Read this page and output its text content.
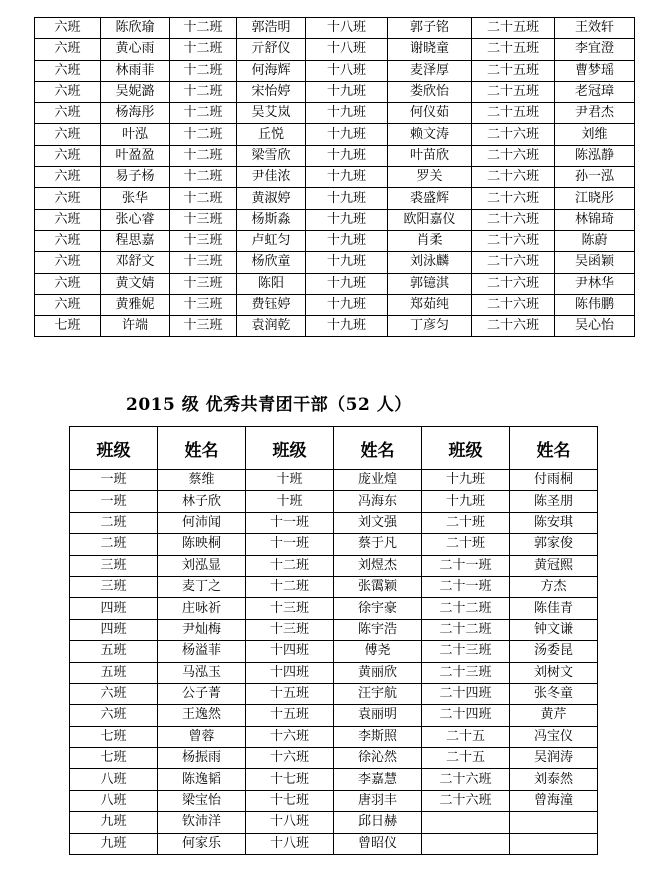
六班	陈欣瑜	十二班	郭浩明	十八班	郭子铭	二十五班	王效轩
六班	黄心雨	十二班	亓舒仪	十八班	谢晓童	二十五班	李宜澄
六班	林雨菲	十二班	何海辉	十八班	麦泽厚	二十五班	曹梦瑶
六班	吴妮潞	十二班	宋怡婷	十九班	娄欣怡	二十五班	老冠璋
六班	杨海彤	十二班	吴艾岚	十九班	何仪茹	二十五班	尹君杰
六班	叶泓	十二班	丘悦	十九班	赖文涛	二十六班	刘维
六班	叶盈盈	十二班	梁雪欣	十九班	叶苗欣	二十六班	陈泓静
六班	易子杨	十二班	尹佳浓	十九班	罗关	二十六班	孙一泓
六班	张华	十二班	黄淑婷	十九班	裘盛辉	二十六班	江晓彤
六班	张心睿	十三班	杨斯淼	十九班	欧阳嘉仪	二十六班	林锦琦
六班	程思嘉	十三班	卢虹匀	十九班	肖柔	二十六班	陈蔚
六班	邓舒文	十三班	杨欣童	十九班	刘泳麟	二十六班	吴函颖
六班	黄文婧	十三班	陈阳	十九班	郭镱淇	二十六班	尹林华
六班	黄雅妮	十三班	费钰婷	十九班	郑茹纯	二十六班	陈伟鹏
七班	许端	十三班	袁润乾	十九班	丁彦匀	二十六班	吴心怡
2015 级 优秀共青团干部（52 人）
班级	姓名	班级	姓名	班级	姓名
一班	蔡维	十班	庞业煌	十九班	付雨桐
一班	林子欣	十班	冯海东	十九班	陈圣朋
二班	何沛闻	十一班	刘文强	二十班	陈安琪
二班	陈映桐	十一班	蔡于凡	二十班	郭家俊
三班	刘泓显	十二班	刘煜杰	二十一班	黄冠熙
三班	麦丁之	十二班	张霭颖	二十一班	方杰
四班	庄咏祈	十三班	徐宇豪	二十二班	陈佳青
四班	尹灿梅	十三班	陈宇浩	二十二班	钟文谦
五班	杨溢菲	十四班	傅尧	二十三班	汤委昆
五班	马泓玉	十四班	黄丽欣	二十三班	刘树文
六班	公子菁	十五班	汪宇航	二十四班	张冬童
六班	王逸然	十五班	袁丽明	二十四班	黄芹
七班	曾蓉	十六班	李斯照	二十五	冯宝仪
七班	杨振雨	十六班	徐沁然	二十五	吴润涛
八班	陈逸韬	十七班	李嘉慧	二十六班	刘泰然
八班	梁宝怡	十七班	唐羽丰	二十六班	曾海潼
九班	钦沛洋	十八班	邱日赫		
九班	何家乐	十八班	曾昭仪		
